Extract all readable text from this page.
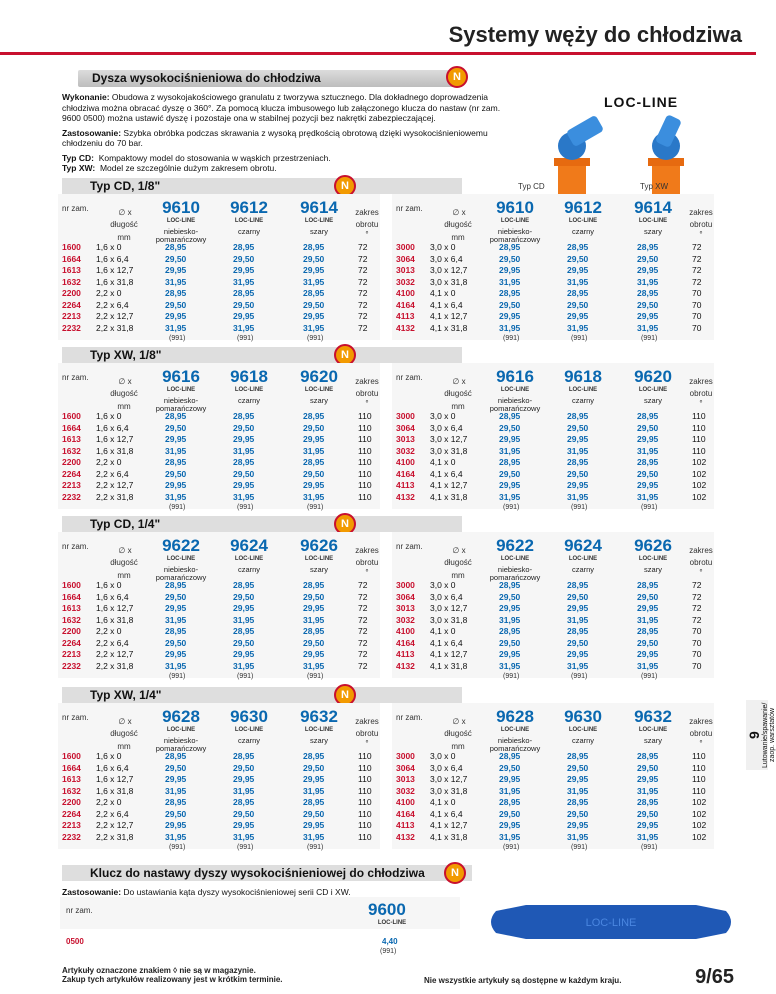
Systemy węży do chłodziwa
Dysza wysokociśnieniowa do chłodziwa	N

Wykonanie: Obudowa z wysokojakościowego granulatu z tworzywa sztucznego. Dla dokładnego doprowadzenia chłodziwa można obracać dyszę o 360°. Za pomocą klucza imbusowego lub załączonego klucza do nastaw (nr zam. 9600 0500) można ustawić dyszę i pozostaje ona w stabilnej pozycji bez nakrętki zabezpieczającej.

Zastosowanie: Szybka obróbka podczas skrawania z wysoką prędkością obrotową dzięki wysokociśnieniowemu chłodzeniu do 70 bar.

Typ CD: Kompaktowy model do stosowania w wąskich przestrzeniach.

Typ XW: Model ze szczególnie dużym zakresem obrotu.

LOC-LINE
Typ CD	Typ XW
Typ CD, 1/8"	N
nr zam.	∅ x
długość
mm
9610
LOC-LINE
niebiesko-pomarańczowy
9612
LOC-LINE
czarny
9614
LOC-LINE
szary
zakres
obrotu
°
1600 1,6 x 0	28,95	28,95	28,95	72
1664 1,6 x 6,4	29,50	29,50	29,50	72
1613 1,6 x 12,7	29,95	29,95	29,95	72
1632 1,6 x 31,8	31,95	31,95	31,95	72
2200 2,2 x 0	28,95	28,95	28,95	72
2264 2,2 x 6,4	29,50	29,50	29,50	72
2213 2,2 x 12,7	29,95	29,95	29,95	72
2232 2,2 x 31,8	31,95	31,95	31,95	72
(991)	(991)	(991)
nr zam.	∅ x
długość
mm
9610
LOC-LINE
niebiesko-pomarańczowy
9612
LOC-LINE
czarny
9614
LOC-LINE
szary
zakres
obrotu
°
3000 3,0 x 0	28,95	28,95	28,95	72
3064 3,0 x 6,4	29,50	29,50	29,50	72
3013 3,0 x 12,7	29,95	29,95	29,95	72
3032 3,0 x 31,8	31,95	31,95	31,95	72
4100 4,1 x 0	28,95	28,95	28,95	70
4164 4,1 x 6,4	29,50	29,50	29,50	70
4113 4,1 x 12,7	29,95	29,95	29,95	70
4132 4,1 x 31,8	31,95	31,95	31,95	70
(991)	(991)	(991)
Typ XW, 1/8"	N
nr zam.	∅ x
długość
mm
9616
LOC-LINE
niebiesko-pomarańczowy
9618
LOC-LINE
czarny
9620
LOC-LINE
szary
zakres
obrotu
°
1600 1,6 x 0	28,95	28,95	28,95	110
1664 1,6 x 6,4	29,50	29,50	29,50	110
1613 1,6 x 12,7	29,95	29,95	29,95	110
1632 1,6 x 31,8	31,95	31,95	31,95	110
2200 2,2 x 0	28,95	28,95	28,95	110
2264 2,2 x 6,4	29,50	29,50	29,50	110
2213 2,2 x 12,7	29,95	29,95	29,95	110
2232 2,2 x 31,8	31,95	31,95	31,95	110
(991)	(991)	(991)
nr zam.	∅ x
długość
mm
9616
LOC-LINE
niebiesko-pomarańczowy
9618
LOC-LINE
czarny
9620
LOC-LINE
szary
zakres
obrotu
°
3000 3,0 x 0	28,95	28,95	28,95	110
3064 3,0 x 6,4	29,50	29,50	29,50	110
3013 3,0 x 12,7	29,95	29,95	29,95	110
3032 3,0 x 31,8	31,95	31,95	31,95	110
4100 4,1 x 0	28,95	28,95	28,95	102
4164 4,1 x 6,4	29,50	29,50	29,50	102
4113 4,1 x 12,7	29,95	29,95	29,95	102
4132 4,1 x 31,8	31,95	31,95	31,95	102
(991)	(991)	(991)
Typ CD, 1/4"	N
nr zam.	∅ x
długość
mm
9622
LOC-LINE
niebiesko-pomarańczowy
9624
LOC-LINE
czarny
9626
LOC-LINE
szary
zakres
obrotu
°
1600 1,6 x 0	28,95	28,95	28,95	72
1664 1,6 x 6,4	29,50	29,50	29,50	72
1613 1,6 x 12,7	29,95	29,95	29,95	72
1632 1,6 x 31,8	31,95	31,95	31,95	72
2200 2,2 x 0	28,95	28,95	28,95	72
2264 2,2 x 6,4	29,50	29,50	29,50	72
2213 2,2 x 12,7	29,95	29,95	29,95	72
2232 2,2 x 31,8	31,95	31,95	31,95	72
(991)	(991)	(991)
nr zam.	∅ x
długość
mm
9622
LOC-LINE
niebiesko-pomarańczowy
9624
LOC-LINE
czarny
9626
LOC-LINE
szary
zakres
obrotu
°
3000 3,0 x 0	28,95	28,95	28,95	72
3064 3,0 x 6,4	29,50	29,50	29,50	72
3013 3,0 x 12,7	29,95	29,95	29,95	72
3032 3,0 x 31,8	31,95	31,95	31,95	72
4100 4,1 x 0	28,95	28,95	28,95	70
4164 4,1 x 6,4	29,50	29,50	29,50	70
4113 4,1 x 12,7	29,95	29,95	29,95	70
4132 4,1 x 31,8	31,95	31,95	31,95	70
(991)	(991)	(991)
Typ XW, 1/4"	N
nr zam.	∅ x
długość
mm
9628
LOC-LINE
niebiesko-pomarańczowy
9630
LOC-LINE
czarny
9632
LOC-LINE
szary
zakres
obrotu
°
1600 1,6 x 0	28,95	28,95	28,95	110
1664 1,6 x 6,4	29,50	29,50	29,50	110
1613 1,6 x 12,7	29,95	29,95	29,95	110
1632 1,6 x 31,8	31,95	31,95	31,95	110
2200 2,2 x 0	28,95	28,95	28,95	110
2264 2,2 x 6,4	29,50	29,50	29,50	110
2213 2,2 x 12,7	29,95	29,95	29,95	110
2232 2,2 x 31,8	31,95	31,95	31,95	110
(991)	(991)	(991)
nr zam.	∅ x
długość
mm
9628
LOC-LINE
niebiesko-pomarańczowy
9630
LOC-LINE
czarny
9632
LOC-LINE
szary
zakres
obrotu
°
3000 3,0 x 0	28,95	28,95	28,95	110
3064 3,0 x 6,4	29,50	29,50	29,50	110
3013 3,0 x 12,7	29,95	29,95	29,95	110
3032 3,0 x 31,8	31,95	31,95	31,95	110
4100 4,1 x 0	28,95	28,95	28,95	102
4164 4,1 x 6,4	29,50	29,50	29,50	102
4113 4,1 x 12,7	29,95	29,95	29,95	102
4132 4,1 x 31,8	31,95	31,95	31,95	102
(991)	(991)	(991)
Klucz do nastawy dyszy wysokociśnieniowej do chłodziwa	N
Zastosowanie: Do ustawiania kąta dyszy wysokociśnieniowej serii CD i XW.
nr zam.	9600
LOC-LINE
0500	4,40
(991)
LOC-LINE
9 Lutowanie/spawanie/ zaop. warsztatów
Artykuły oznaczone znakiem ◊ nie są w magazynie.
Zakup tych artykułów realizowany jest w krótkim terminie.	Nie wszystkie artykuły są dostępne w każdym kraju.	9/65
